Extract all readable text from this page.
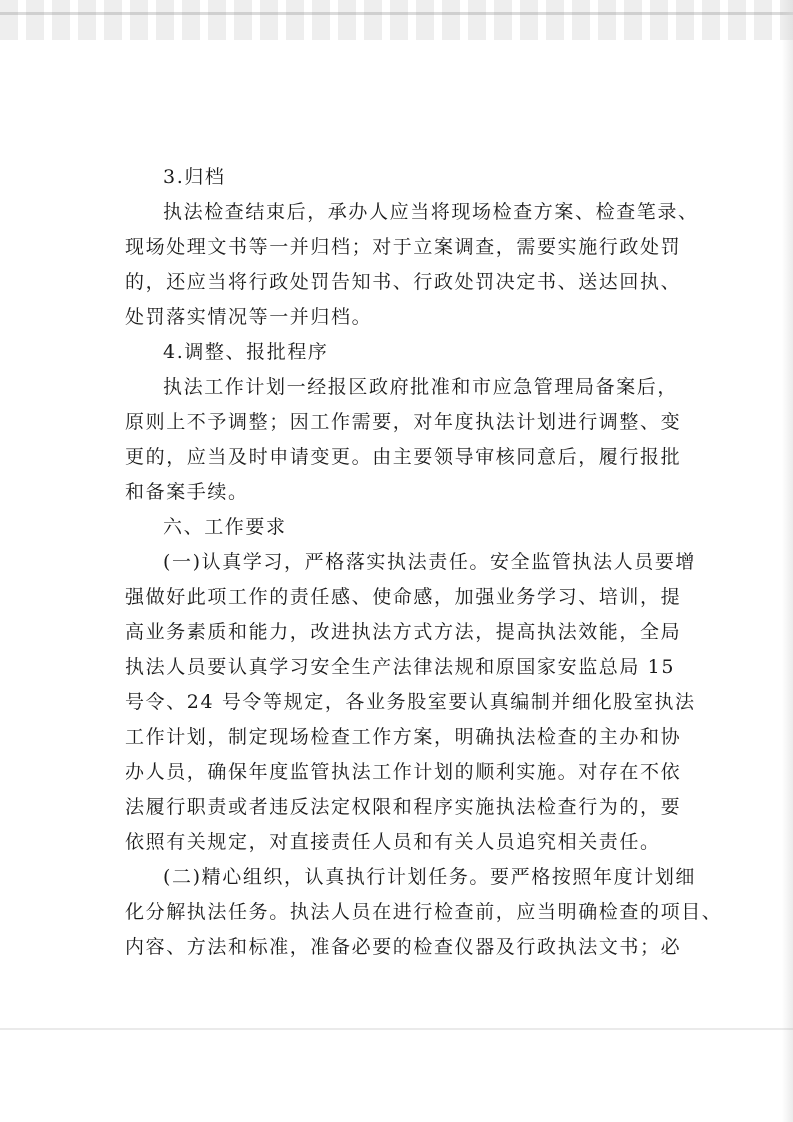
3.归档
执法检查结束后，承办人应当将现场检查方案、检查笔录、
现场处理文书等一并归档；对于立案调查，需要实施行政处罚
的，还应当将行政处罚告知书、行政处罚决定书、送达回执、
处罚落实情况等一并归档。
4.调整、报批程序
执法工作计划一经报区政府批准和市应急管理局备案后，
原则上不予调整；因工作需要，对年度执法计划进行调整、变
更的，应当及时申请变更。由主要领导审核同意后，履行报批
和备案手续。
六、工作要求
(一)认真学习，严格落实执法责任。安全监管执法人员要增
强做好此项工作的责任感、使命感，加强业务学习、培训，提
高业务素质和能力，改进执法方式方法，提高执法效能，全局
执法人员要认真学习安全生产法律法规和原国家安监总局 15
号令、24 号令等规定，各业务股室要认真编制并细化股室执法
工作计划，制定现场检查工作方案，明确执法检查的主办和协
办人员，确保年度监管执法工作计划的顺利实施。对存在不依
法履行职责或者违反法定权限和程序实施执法检查行为的，要
依照有关规定，对直接责任人员和有关人员追究相关责任。
(二)精心组织，认真执行计划任务。要严格按照年度计划细
化分解执法任务。执法人员在进行检查前，应当明确检查的项目、
内容、方法和标准，准备必要的检查仪器及行政执法文书；必
